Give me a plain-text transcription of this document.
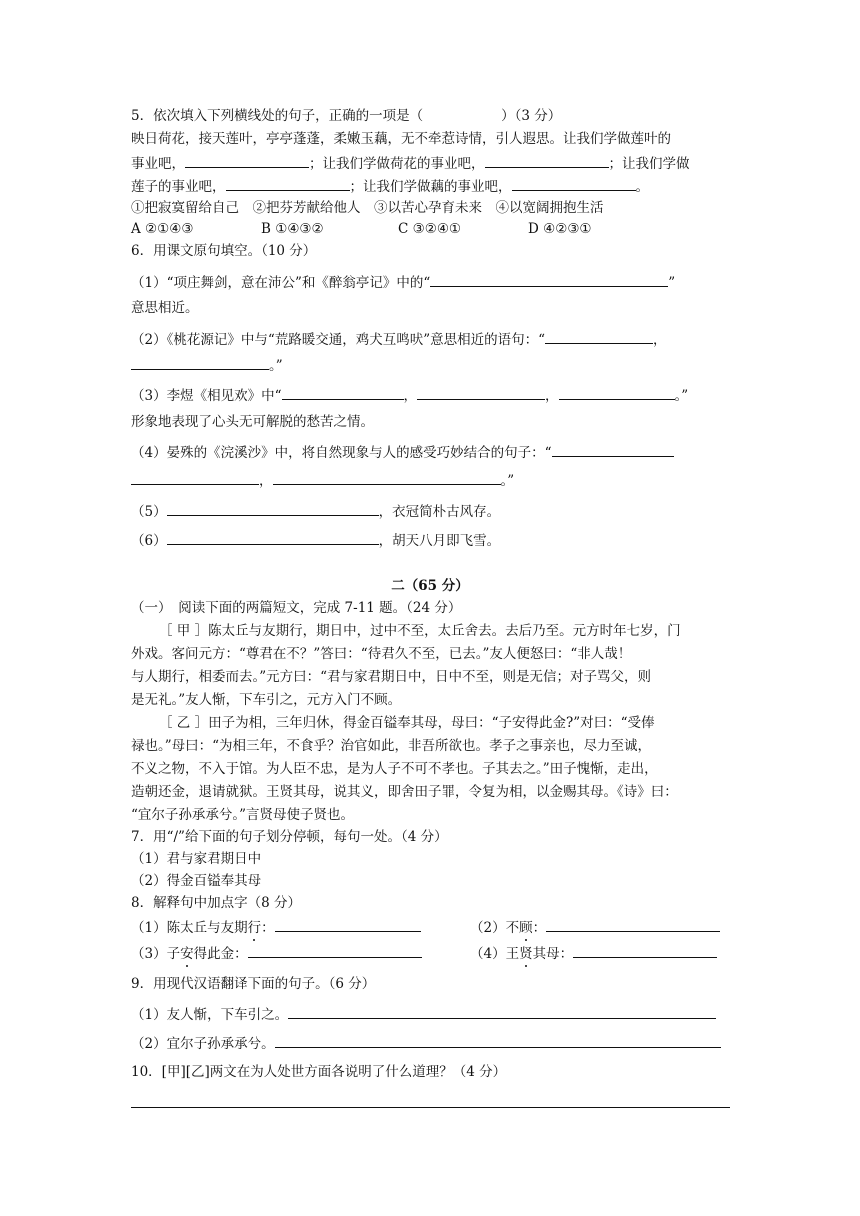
5．依次填入下列横线处的句子，正确的一项是（	）（3 分）
映日荷花，接天莲叶，亭亭蓬蓬，柔嫩玉藕，无不牵惹诗情，引人遐思。让我们学做莲叶的
事业吧，	；让我们学做荷花的事业吧，	；让我们学做
莲子的事业吧，	；让我们学做藕的事业吧，	。
①把寂寞留给自己　②把芬芳献给他人　③以苦心孕育未来　④以宽阔拥抱生活
A ②①④③	B ①④③②	C ③②④①	D ④②③①
6．用课文原句填空。（10 分）
（1）“项庄舞剑，意在沛公”和《醉翁亭记》中的“	”
意思相近。
（2）《桃花源记》中与“荒路暖交通，鸡犬互鸣吠”意思相近的语句：“	，
。”
（3）李煜《相见欢》中“	，	，	。”
形象地表现了心头无可解脱的愁苦之情。
（4）晏殊的《浣溪沙》中，将自然现象与人的感受巧妙结合的句子：“
，	。”
（5）	，衣冠简朴古风存。
（6）	，胡天八月即飞雪。
二（65 分）
（一）　阅读下面的两篇短文，完成 7-11 题。（24 分）
［ 甲 ］陈太丘与友期行，期日中，过中不至，太丘舍去。去后乃至。元方时年七岁，门
外戏。客问元方：“尊君在不？”答曰：“待君久不至，已去。”友人便怒曰：“非人哉！
与人期行，相委而去。”元方曰：“君与家君期日中，日中不至，则是无信；对子骂父，则
是无礼。”友人惭，下车引之，元方入门不顾。
［ 乙 ］田子为相，三年归休，得金百镒奉其母，母曰：“子安得此金?”对曰：“受俸
禄也。”母曰：“为相三年，不食乎？治官如此，非吾所欲也。孝子之事亲也，尽力至诚，
不义之物，不入于馆。为人臣不忠，是为人子不可不孝也。子其去之。”田子愧惭，走出，
造朝还金，退请就狱。王贤其母，说其义，即舍田子罪，令复为相，以金赐其母。《诗》曰：
“宜尔子孙承承兮。”言贤母使子贤也。
7．用“/”给下面的句子划分停顿，每句一处。（4 分）
（1）君与家君期日中
（2）得金百镒奉其母
8．解释句中加点字（8 分）
（1）陈太丘与友期行：	（2）不顾：
（3）子安得此金：	（4）王贤其母：
9．用现代汉语翻译下面的句子。（6 分）
（1）友人惭，下车引之。
（2）宜尔子孙承承兮。
10．[甲][乙]两文在为人处世方面各说明了什么道理？（4 分）
